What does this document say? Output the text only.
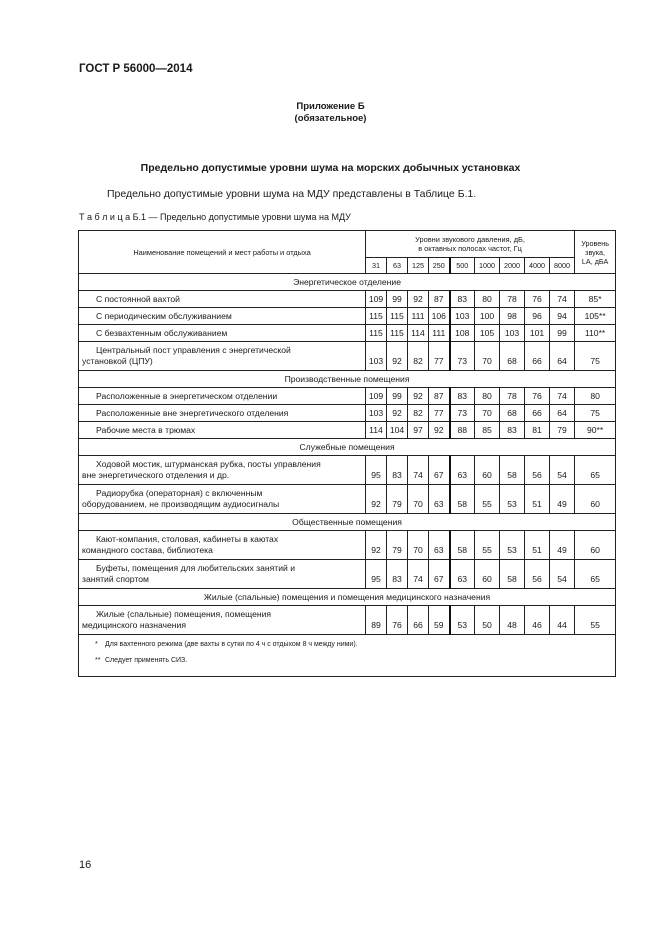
ГОСТ Р 56000—2014
Приложение Б
(обязательное)
Предельно допустимые уровни шума на морских добычных установках
Предельно допустимые уровни шума на МДУ представлены в Таблице Б.1.
Т а б л и ц а Б.1 — Предельно допустимые уровни шума на МДУ
Наименование помещений и мест работы и отдыха	Уровни звукового давления, дБ,
в октавных полосах частот, Гц									Уровень
звука,
LA, дБА
	31	63	125	250	500	1000	2000	4000	8000	
Энергетическое отделение										
С постоянной вахтой	109	99	92	87	83	80	78	76	74	85*
С периодическим обслуживанием	115	115	111	106	103	100	98	96	94	105**
С безвахтенным обслуживанием	115	115	114	111	108	105	103	101	99	110**
Центральный пост управления с энергетической
установкой (ЦПУ)	103	92	82	77	73	70	68	66	64	75
Производственные помещения										
Расположенные в энергетическом отделении	109	99	92	87	83	80	78	76	74	80
Расположенные вне энергетического отделения	103	92	82	77	73	70	68	66	64	75
Рабочие места в трюмах	114	104	97	92	88	85	83	81	79	90**
Служебные помещения										
Ходовой мостик, штурманская рубка, посты управления
вне энергетического отделения и др.	95	83	74	67	63	60	58	56	54	65
Радиорубка (операторная) с включенным
оборудованием, не производящим аудиосигналы	92	79	70	63	58	55	53	51	49	60
Общественные помещения										
Кают-компания, столовая, кабинеты в каютах
командного состава, библиотека	92	79	70	63	58	55	53	51	49	60
Буфеты, помещения для любительских занятий и
занятий спортом	95	83	74	67	63	60	58	56	54	65
Жилые (спальные) помещения и помещения медицинского назначения										
Жилые (спальные) помещения, помещения
медицинского назначения	89	76	66	59	53	50	48	46	44	55

* Для вахтенного режима (две вахты в сутки по 4 ч с отдыхом 8 ч между ними).
** Следует применять СИЗ.										
16
